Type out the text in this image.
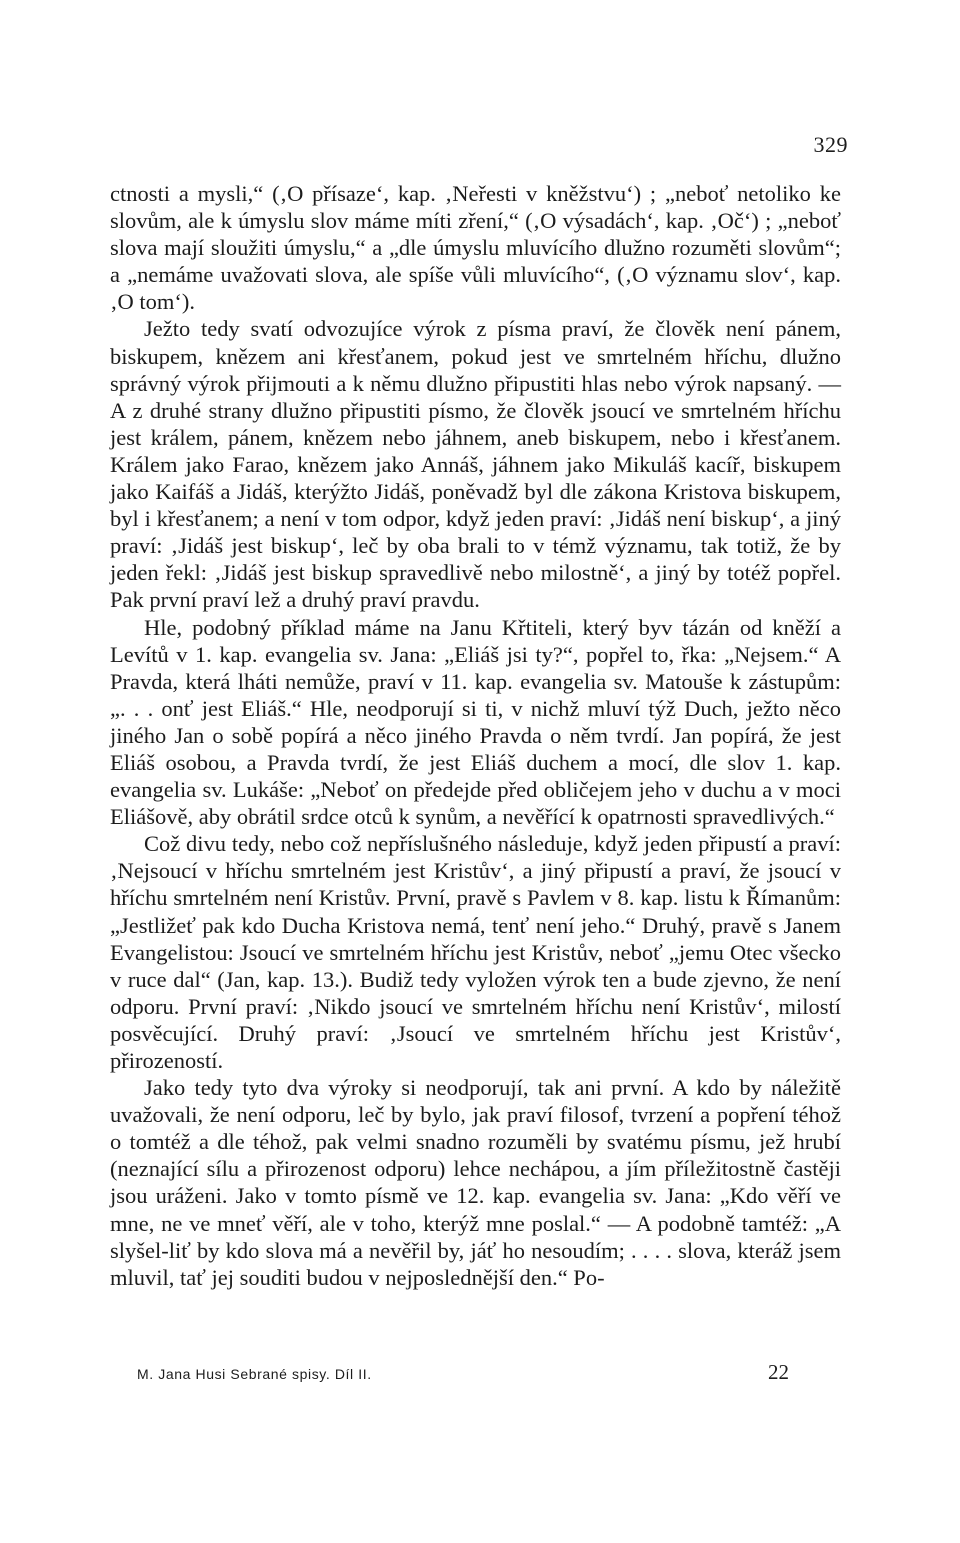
329

ctnosti a mysli,“ (‚O přísaze‘, kap. ‚Neřesti v kněžstvu‘) ; „neboť netoliko ke slovům, ale k úmyslu slov máme míti zření,“ (‚O výsadách‘, kap. ‚Oč‘) ; „neboť slova mají sloužiti úmyslu,“ a „dle úmyslu mluvícího dlužno rozuměti slovům“; a „nemáme uvažovati slova, ale spíše vůli mluvícího“, (‚O významu slov‘, kap. ‚O tom‘).

Ježto tedy svatí odvozujíce výrok z písma praví, že člověk není pánem, biskupem, knězem ani křesťanem, pokud jest ve smrtelném hříchu, dlužno správný výrok přijmouti a k němu dlužno připustiti hlas nebo výrok napsaný. — A z druhé strany dlužno připustiti písmo, že člověk jsoucí ve smrtelném hříchu jest králem, pánem, knězem nebo jáhnem, aneb biskupem, nebo i křesťanem. Králem jako Farao, knězem jako Annáš, jáhnem jako Mikuláš kacíř, biskupem jako Kaifáš a Jidáš, kterýžto Jidáš, poněvadž byl dle zákona Kristova biskupem, byl i křesťanem; a není v tom odpor, když jeden praví: ‚Jidáš není biskup‘, a jiný praví: ‚Jidáš jest biskup‘, leč by oba brali to v témž významu, tak totiž, že by jeden řekl: ‚Jidáš jest biskup spravedlivě nebo milostně‘, a jiný by totéž popřel. Pak první praví lež a druhý praví pravdu.

Hle, podobný příklad máme na Janu Křtiteli, který byv tázán od kněží a Levítů v 1. kap. evangelia sv. Jana: „Eliáš jsi ty?“, popřel to, řka: „Nejsem.“ A Pravda, která lháti nemůže, praví v 11. kap. evangelia sv. Matouše k zástupům: „. . . onť jest Eliáš.“ Hle, neodporují si ti, v nichž mluví týž Duch, ježto něco jiného Jan o sobě popírá a něco jiného Pravda o něm tvrdí. Jan popírá, že jest Eliáš osobou, a Pravda tvrdí, že jest Eliáš duchem a mocí, dle slov 1. kap. evangelia sv. Lukáše: „Neboť on předejde před obličejem jeho v duchu a v moci Eliášově, aby obrátil srdce otců k synům, a nevěřící k opatrnosti spravedlivých.“

Což divu tedy, nebo což nepříslušného následuje, když jeden připustí a praví: ‚Nejsoucí v hříchu smrtelném jest Kristův‘, a jiný připustí a praví, že jsoucí v hříchu smrtelném není Kristův. První, pravě s Pavlem v 8. kap. listu k Římanům: „Jestližeť pak kdo Ducha Kristova nemá, tenť není jeho.“ Druhý, pravě s Janem Evangelistou: Jsoucí ve smrtelném hříchu jest Kristův, neboť „jemu Otec všecko v ruce dal“ (Jan, kap. 13.). Budiž tedy vyložen výrok ten a bude zjevno, že není odporu. První praví: ‚Nikdo jsoucí ve smrtelném hříchu není Kristův‘, milostí posvěcující. Druhý praví: ‚Jsoucí ve smrtelném hříchu jest Kristův‘, přirozeností.

Jako tedy tyto dva výroky si neodporují, tak ani první. A kdo by náležitě uvažovali, že není odporu, leč by bylo, jak praví filosof, tvrzení a popření téhož o tomtéž a dle téhož, pak velmi snadno rozuměli by svatému písmu, jež hrubí (neznající sílu a přirozenost odporu) lehce nechápou, a jím příležitostně častěji jsou uráženi. Jako v tomto písmě ve 12. kap. evangelia sv. Jana: „Kdo věří ve mne, ne ve mneť věří, ale v toho, kterýž mne poslal.“ — A podobně tamtéž: „A slyšel-liť by kdo slova má a nevěřil by, jáť ho nesoudím; . . . . slova, kteráž jsem mluvil, tať jej souditi budou v nejposlednější den.“ Po-

M. Jana Husi Sebrané spisy. Díl II.	22
